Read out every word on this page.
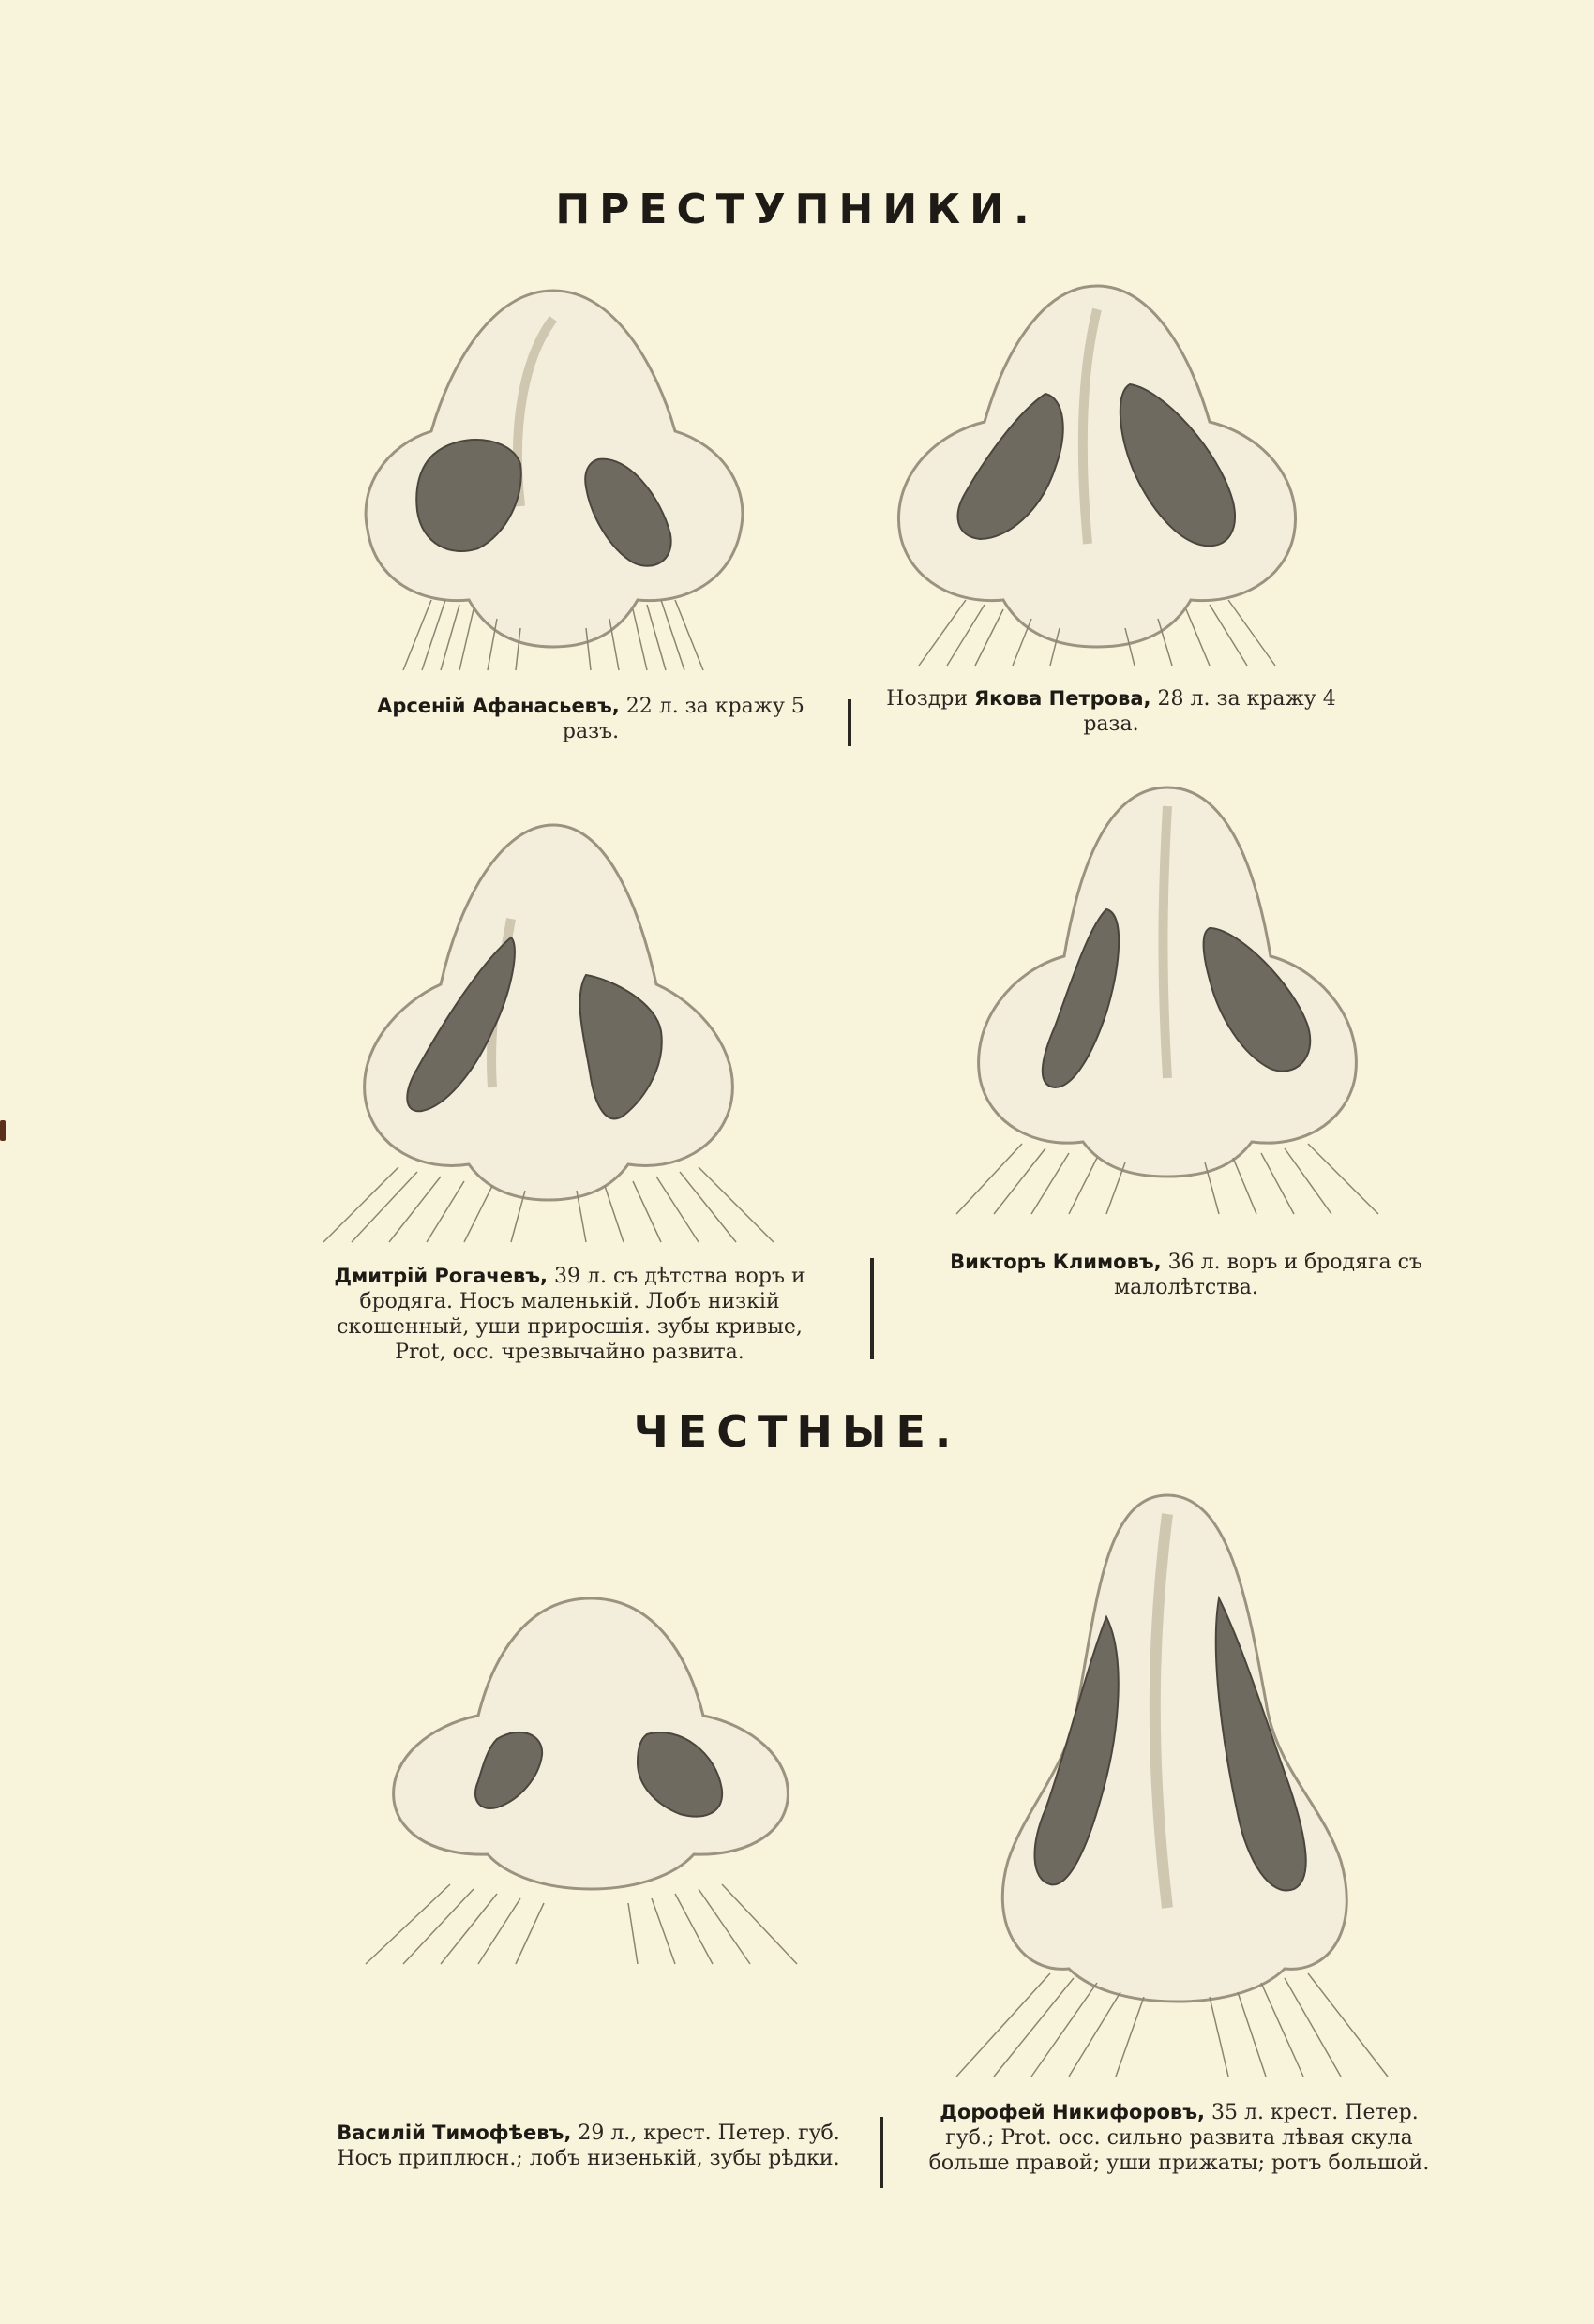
ПРЕСТУПНИКИ.
Арсеній Афанасьевъ, 22 л. за кражу 5 разъ.
Ноздри Якова Петрова, 28 л. за кражу 4 раза.
Дмитрій Рогачевъ, 39 л. съ дѣтства воръ и бродяга. Носъ маленькій. Лобъ низкій скошенный, уши приросшія. зубы кривые, Prot, осс. чрезвычайно развита.
Викторъ Климовъ, 36 л. воръ и бродяга съ малолѣтства.
ЧЕСТНЫЕ.
Василій Тимофѣевъ, 29 л., крест. Петер. губ. Носъ приплюсн.; лобъ низенькій, зубы рѣдки.
Дорофей Никифоровъ, 35 л. крест. Петер. губ.; Prot. осс. сильно развита лѣвая скула больше правой; уши прижаты; ротъ большой.
